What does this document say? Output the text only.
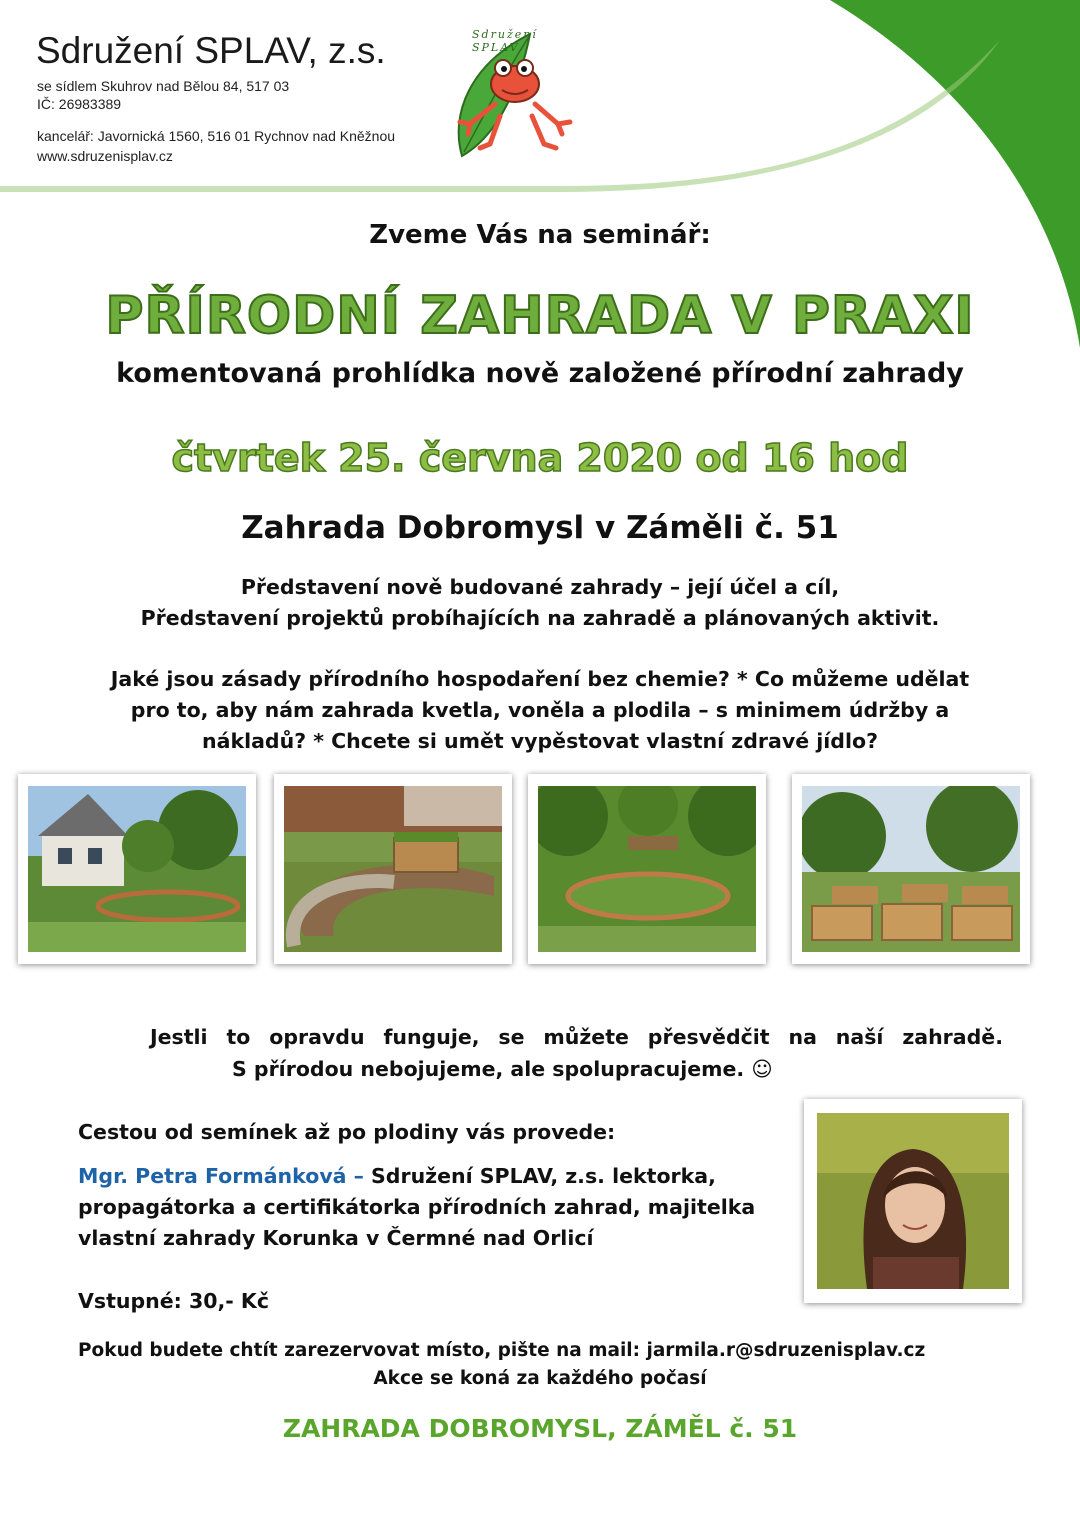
Sdružení SPLAV, z.s.
se sídlem Skuhrov nad Bělou 84, 517 03
IČ: 26983389
kancelář: Javornická 1560, 516 01 Rychnov nad Kněžnou
www.sdruzenisplav.cz
Sdružení SPLAV
Zveme Vás na seminář:
PŘÍRODNÍ ZAHRADA V PRAXI
komentovaná prohlídka nově založené přírodní zahrady
čtvrtek 25. června 2020 od 16 hod
Zahrada Dobromysl v Záměli č. 51
Představení nově budované zahrady – její účel a cíl,
Představení projektů probíhajících na zahradě a plánovaných aktivit.
Jaké jsou zásady přírodního hospodaření bez chemie? * Co můžeme udělat
pro to, aby nám zahrada kvetla, voněla a plodila – s minimem údržby a
nákladů? * Chcete si umět vypěstovat vlastní zdravé jídlo?
Jestli to opravdu funguje, se můžete přesvědčit na naší zahradě.
S přírodou nebojujeme, ale spolupracujeme. ☺
Cestou od semínek až po plodiny vás provede:
Mgr. Petra Formánková – Sdružení SPLAV, z.s. lektorka,
propagátorka a certifikátorka přírodních zahrad, majitelka
vlastní zahrady Korunka v Čermné nad Orlicí
Vstupné: 30,- Kč
Pokud budete chtít zarezervovat místo, pište na mail: jarmila.r@sdruzenisplav.cz
Akce se koná za každého počasí
ZAHRADA DOBROMYSL, ZÁMĚL č. 51
